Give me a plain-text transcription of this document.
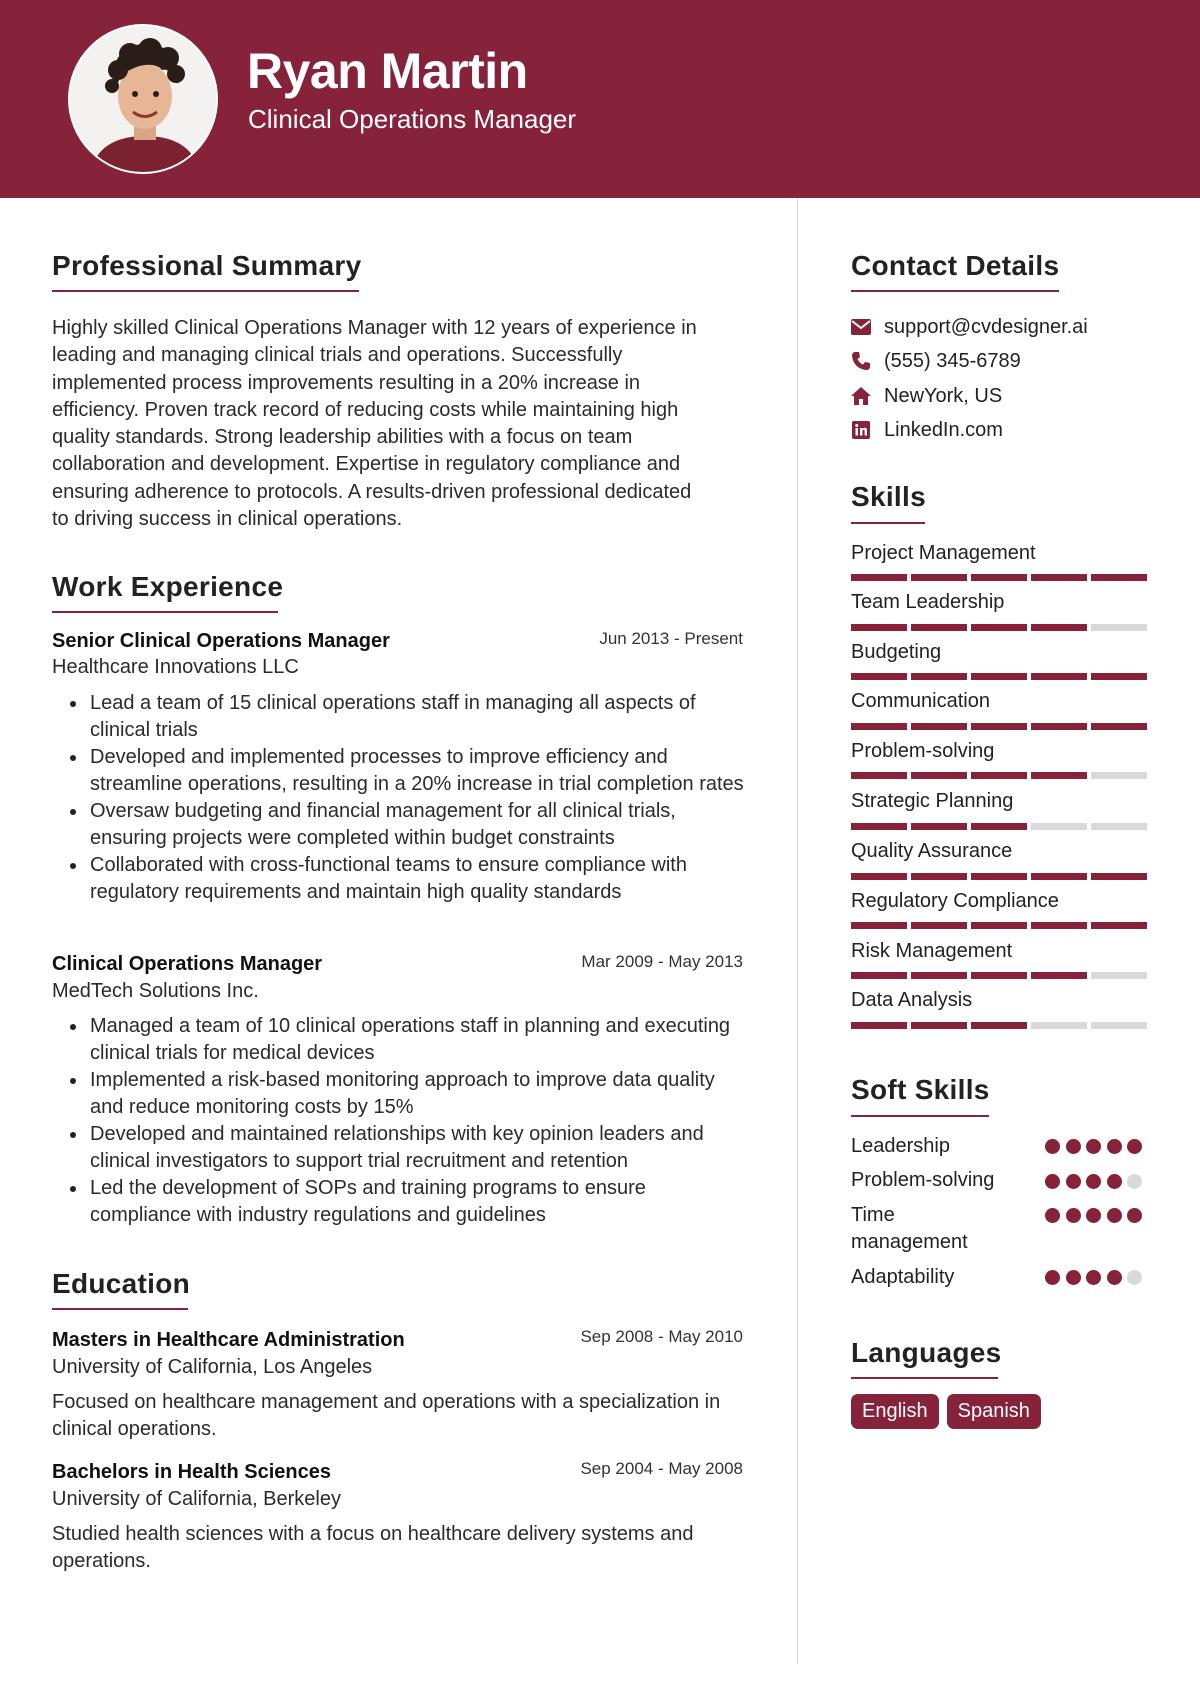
Ryan Martin
Clinical Operations Manager
Professional Summary
Highly skilled Clinical Operations Manager with 12 years of experience in
leading and managing clinical trials and operations. Successfully
implemented process improvements resulting in a 20% increase in
efficiency. Proven track record of reducing costs while maintaining high
quality standards. Strong leadership abilities with a focus on team
collaboration and development. Expertise in regulatory compliance and
ensuring adherence to protocols. A results-driven professional dedicated
to driving success in clinical operations.
Work Experience
Senior Clinical Operations Manager	Jun 2013 - Present
Healthcare Innovations LLC
Lead a team of 15 clinical operations staff in managing all aspects of clinical trials
Developed and implemented processes to improve efficiency and streamline operations, resulting in a 20% increase in trial completion rates
Oversaw budgeting and financial management for all clinical trials, ensuring projects were completed within budget constraints
Collaborated with cross-functional teams to ensure compliance with regulatory requirements and maintain high quality standards
Clinical Operations Manager	Mar 2009 - May 2013
MedTech Solutions Inc.
Managed a team of 10 clinical operations staff in planning and executing clinical trials for medical devices
Implemented a risk-based monitoring approach to improve data quality and reduce monitoring costs by 15%
Developed and maintained relationships with key opinion leaders and clinical investigators to support trial recruitment and retention
Led the development of SOPs and training programs to ensure compliance with industry regulations and guidelines
Education
Masters in Healthcare Administration	Sep 2008 - May 2010
University of California, Los Angeles
Focused on healthcare management and operations with a specialization in clinical operations.
Bachelors in Health Sciences	Sep 2004 - May 2008
University of California, Berkeley
Studied health sciences with a focus on healthcare delivery systems and operations.
Contact Details
support@cvdesigner.ai
(555) 345-6789
NewYork, US
LinkedIn.com
Skills
Project Management
Team Leadership
Budgeting
Communication
Problem-solving
Strategic Planning
Quality Assurance
Regulatory Compliance
Risk Management
Data Analysis
Soft Skills
Leadership
Problem-solving
Time management
Adaptability
Languages
English	Spanish
